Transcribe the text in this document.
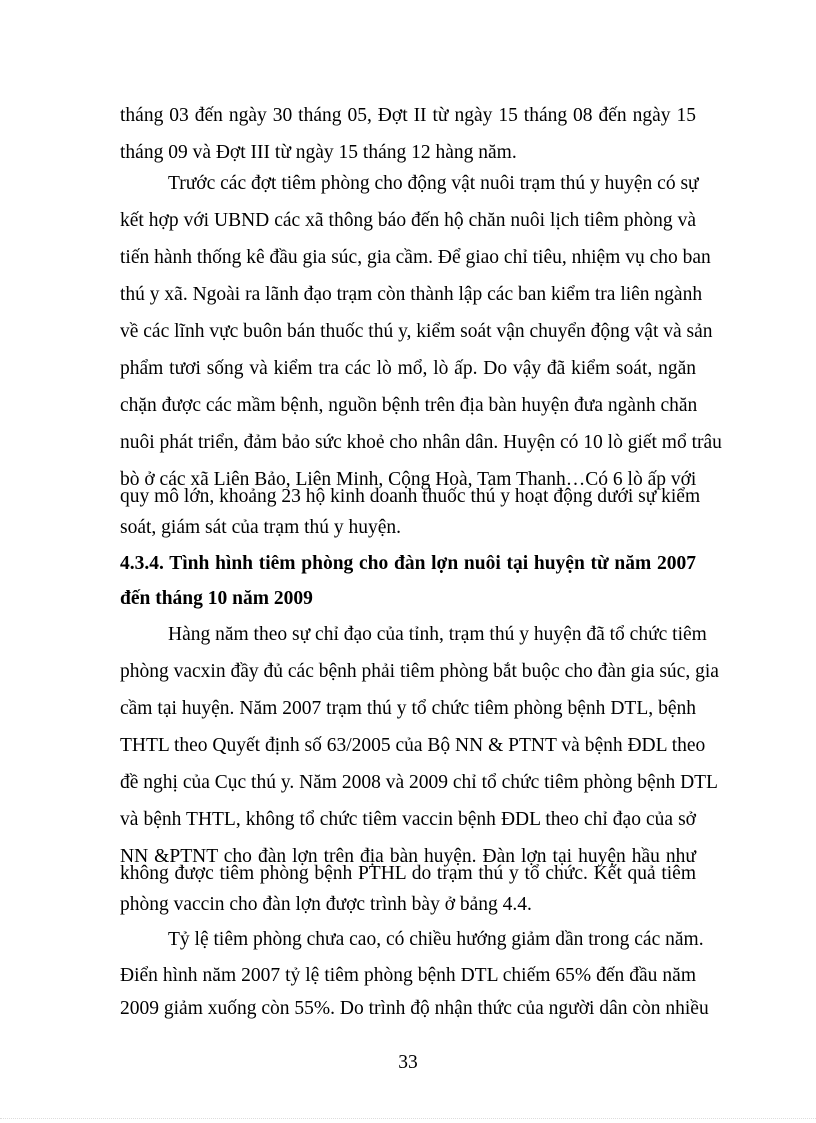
tháng 03 đến ngày 30 tháng 05, Đợt II từ ngày 15 tháng 08 đến ngày 15
tháng 09 và Đợt III từ ngày 15 tháng 12 hàng năm.
Trước các đợt tiêm phòng cho động vật nuôi trạm thú y huyện có sự
kết hợp với UBND các xã thông báo đến hộ chăn nuôi lịch tiêm phòng và
tiến hành thống kê đầu gia súc, gia cầm. Để giao chỉ tiêu, nhiệm vụ cho ban
thú y xã. Ngoài ra lãnh đạo trạm còn thành lập các ban kiểm tra liên ngành
về các lĩnh vực buôn bán thuốc thú y, kiểm soát vận chuyển động vật và sản
phẩm tươi sống và kiểm tra các lò mổ, lò ấp. Do vậy đã kiểm soát, ngăn
chặn được các mầm bệnh, nguồn bệnh trên địa bàn huyện đưa ngành chăn
nuôi phát triển, đảm bảo sức khoẻ cho nhân dân. Huyện có 10 lò giết mổ trâu
bò ở các xã Liên Bảo, Liên Minh, Cộng Hoà, Tam Thanh…Có 6 lò ấp với
quy mô lớn, khoảng 23 hộ kinh doanh thuốc thú y hoạt động dưới sự kiểm
soát, giám sát của trạm thú y huyện.
4.3.4. Tình hình tiêm phòng cho đàn lợn nuôi tại huyện từ năm 2007
đến tháng 10 năm 2009
Hàng năm theo sự chỉ đạo của tỉnh, trạm thú y huyện đã tổ chức tiêm
phòng vacxin đầy đủ các bệnh phải tiêm phòng bắt buộc cho đàn gia súc, gia
cầm tại huyện. Năm 2007 trạm thú y tổ chức tiêm phòng bệnh DTL, bệnh
THTL theo Quyết định số 63/2005 của Bộ NN & PTNT và bệnh ĐDL theo
đề nghị của Cục thú y. Năm 2008 và 2009 chỉ tổ chức tiêm phòng bệnh DTL
và bệnh THTL, không tổ chức tiêm vaccin bệnh ĐDL theo chỉ đạo của sở
NN &PTNT cho đàn lợn trên địa bàn huyện. Đàn lợn tại huyện hầu như
không được tiêm phòng bệnh PTHL do trạm thú y tổ chức. Kết quả tiêm
phòng vaccin cho đàn lợn được trình bày ở bảng 4.4.
Tỷ lệ tiêm phòng chưa cao, có chiều hướng giảm dần trong các năm.
Điển hình năm 2007 tỷ lệ tiêm phòng bệnh DTL chiếm 65% đến đầu năm
2009 giảm xuống còn 55%. Do trình độ nhận thức của người dân còn nhiều
33
